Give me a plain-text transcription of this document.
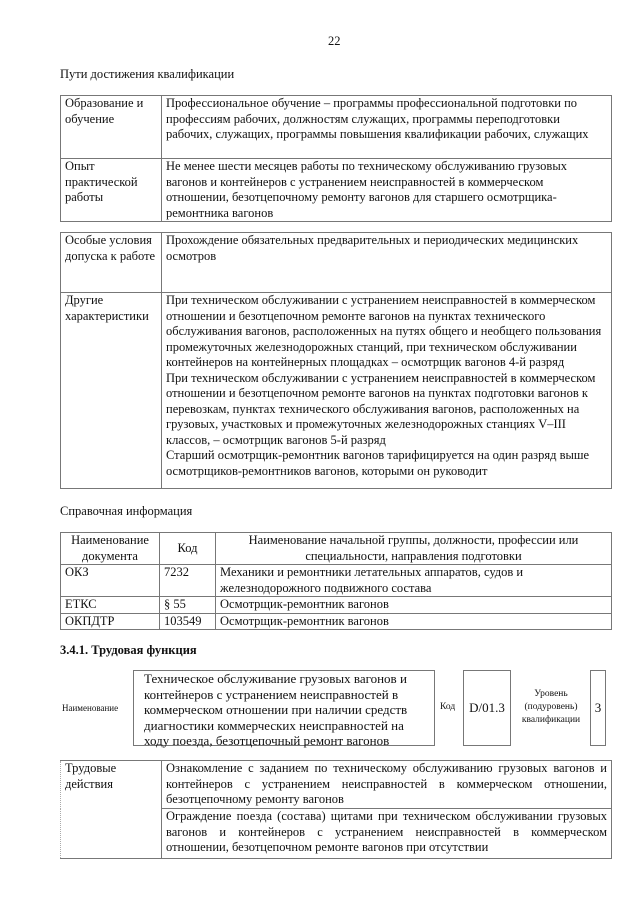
22
Пути достижения квалификации
Образование и обучение	Профессиональное обучение – программы профессиональной подготовки по профессиям рабочих, должностям служащих, программы переподготовки рабочих, служащих, программы повышения квалификации рабочих, служащих
Опыт практической работы	Не менее шести месяцев работы по техническому обслуживанию грузовых вагонов и контейнеров с устранением неисправностей в коммерческом отношении, безотцепочному ремонту вагонов для старшего осмотрщика-ремонтника вагонов
Особые условия допуска к работе	Прохождение обязательных предварительных и периодических медицинских осмотров
Другие характеристики	При техническом обслуживании с устранением неисправностей в коммерческом отношении и безотцепочном ремонте вагонов на пунктах технического обслуживания вагонов, расположенных на путях общего и необщего пользования промежуточных железнодорожных станций, при техническом обслуживании контейнеров на контейнерных площадках – осмотрщик вагонов 4-й разряд

При техническом обслуживании с устранением неисправностей в коммерческом отношении и безотцепочном ремонте вагонов на пунктах подготовки вагонов к перевозкам, пунктах технического обслуживания вагонов, расположенных на грузовых, участковых и промежуточных железнодорожных станциях V–III классов, – осмотрщик вагонов 5-й разряд

Старший осмотрщик-ремонтник вагонов тарифицируется на один разряд выше осмотрщиков-ремонтников вагонов, которыми он руководит

Справочная информация
Наименование документа	Код	Наименование начальной группы, должности, профессии или специальности, направления подготовки
ОКЗ	7232	Механики и ремонтники летательных аппаратов, судов и железнодорожного подвижного состава
ЕТКС	§ 55	Осмотрщик-ремонтник вагонов
ОКПДТР	103549	Осмотрщик-ремонтник вагонов
3.4.1. Трудовая функция
Наименование
Техническое обслуживание грузовых вагонов и контейнеров с устранением неисправностей в коммерческом отношении при наличии средств диагностики коммерческих неисправностей на ходу поезда, безотцепочный ремонт вагонов
Код	D/01.3
Уровень (подуровень) квалификации
3
Трудовые действия	Ознакомление с заданием по техническому обслуживанию грузовых вагонов и контейнеров с устранением неисправностей в коммерческом отношении, безотцепочному ремонту вагонов
Ограждение поезда (состава) щитами при техническом обслуживании грузовых вагонов и контейнеров с устранением неисправностей в коммерческом отношении, безотцепочном ремонте вагонов при отсутствии
